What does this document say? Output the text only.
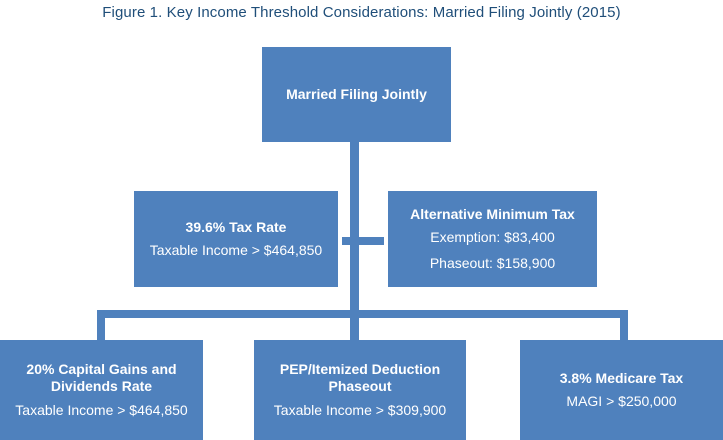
Figure 1. Key Income Threshold Considerations: Married Filing Jointly (2015)
Married Filing Jointly
39.6% Tax Rate
Taxable Income > $464,850
Alternative Minimum Tax
Exemption: $83,400
Phaseout: $158,900
20% Capital Gains and
Dividends Rate
Taxable Income > $464,850
PEP/Itemized Deduction
Phaseout
Taxable Income > $309,900
3.8% Medicare Tax
MAGI > $250,000
